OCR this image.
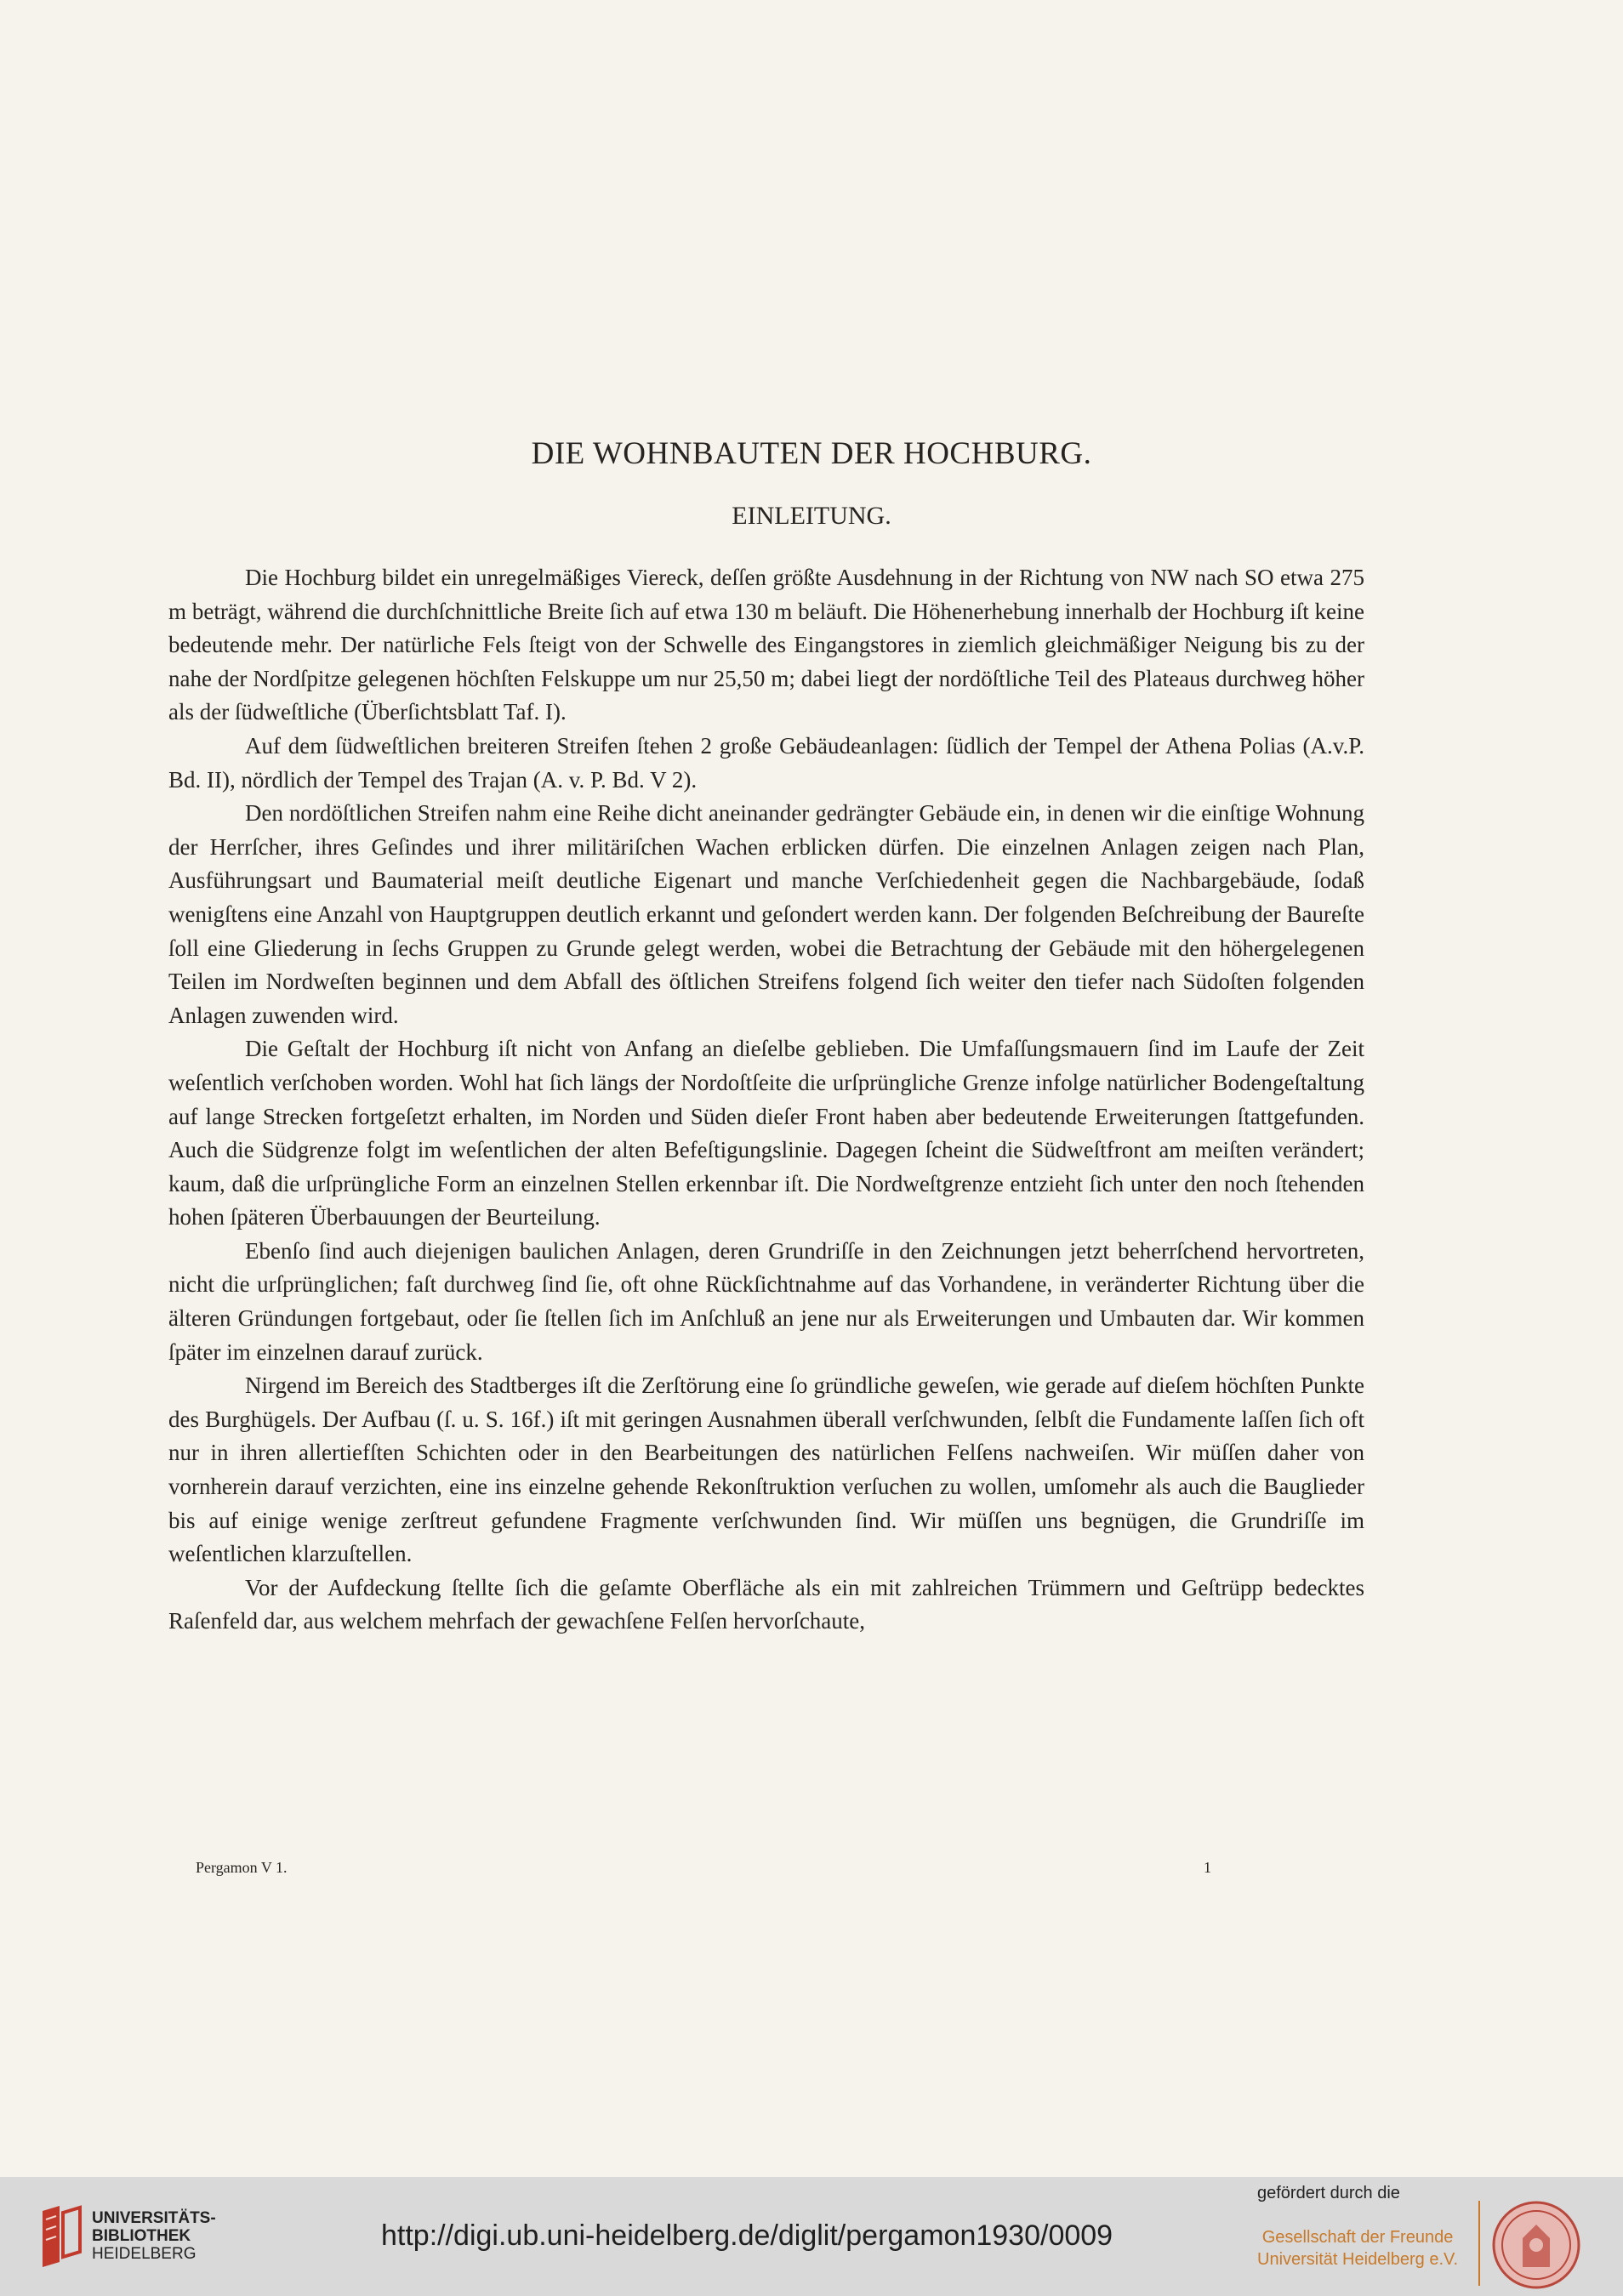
DIE WOHNBAUTEN DER HOCHBURG.
EINLEITUNG.

Die Hochburg bildet ein unregelmäßiges Viereck, deſſen größte Ausdehnung in der Richtung von NW nach SO etwa 275 m beträgt, während die durchſchnittliche Breite ſich auf etwa 130 m beläuft. Die Höhenerhebung innerhalb der Hochburg iſt keine bedeutende mehr. Der natürliche Fels ſteigt von der Schwelle des Eingangstores in ziemlich gleichmäßiger Neigung bis zu der nahe der Nordſpitze gelegenen höchſten Felskuppe um nur 25,50 m; dabei liegt der nordöſtliche Teil des Plateaus durchweg höher als der ſüdweſtliche (Überſichtsblatt Taf. I).

Auf dem ſüdweſtlichen breiteren Streifen ſtehen 2 große Gebäudeanlagen: ſüdlich der Tempel der Athena Polias (A.v.P. Bd. II), nördlich der Tempel des Trajan (A. v. P. Bd. V 2).

Den nordöſtlichen Streifen nahm eine Reihe dicht aneinander gedrängter Gebäude ein, in denen wir die einſtige Wohnung der Herrſcher, ihres Geſindes und ihrer militäriſchen Wachen erblicken dürfen. Die einzelnen Anlagen zeigen nach Plan, Ausführungsart und Baumaterial meiſt deutliche Eigenart und manche Verſchiedenheit gegen die Nachbargebäude, ſodaß wenigſtens eine Anzahl von Hauptgruppen deutlich erkannt und geſondert werden kann. Der folgenden Beſchreibung der Baureſte ſoll eine Gliederung in ſechs Gruppen zu Grunde gelegt werden, wobei die Betrachtung der Gebäude mit den höhergelegenen Teilen im Nordweſten beginnen und dem Abfall des öſtlichen Streifens folgend ſich weiter den tiefer nach Südoſten folgenden Anlagen zuwenden wird.

Die Geſtalt der Hochburg iſt nicht von Anfang an dieſelbe geblieben. Die Umfaſſungsmauern ſind im Laufe der Zeit weſentlich verſchoben worden. Wohl hat ſich längs der Nordoſtſeite die urſprüngliche Grenze infolge natürlicher Bodengeſtaltung auf lange Strecken fortgeſetzt erhalten, im Norden und Süden dieſer Front haben aber bedeutende Erweiterungen ſtattgefunden. Auch die Südgrenze folgt im weſentlichen der alten Befeſtigungslinie. Dagegen ſcheint die Südweſtfront am meiſten verändert; kaum, daß die urſprüngliche Form an einzelnen Stellen erkennbar iſt. Die Nordweſtgrenze entzieht ſich unter den noch ſtehenden hohen ſpäteren Überbauungen der Beurteilung.

Ebenſo ſind auch diejenigen baulichen Anlagen, deren Grundriſſe in den Zeichnungen jetzt beherrſchend hervortreten, nicht die urſprünglichen; faſt durchweg ſind ſie, oft ohne Rückſichtnahme auf das Vorhandene, in veränderter Richtung über die älteren Gründungen fortgebaut, oder ſie ſtellen ſich im Anſchluß an jene nur als Erweiterungen und Umbauten dar. Wir kommen ſpäter im einzelnen darauf zurück.

Nirgend im Bereich des Stadtberges iſt die Zerſtörung eine ſo gründliche geweſen, wie gerade auf dieſem höchſten Punkte des Burghügels. Der Aufbau (ſ. u. S. 16f.) iſt mit geringen Ausnahmen überall verſchwunden, ſelbſt die Fundamente laſſen ſich oft nur in ihren allertiefſten Schichten oder in den Bearbeitungen des natürlichen Felſens nachweiſen. Wir müſſen daher von vornherein darauf verzichten, eine ins einzelne gehende Rekonſtruktion verſuchen zu wollen, umſomehr als auch die Bauglieder bis auf einige wenige zerſtreut gefundene Fragmente verſchwunden ſind. Wir müſſen uns begnügen, die Grundriſſe im weſentlichen klarzuſtellen.

Vor der Aufdeckung ſtellte ſich die geſamte Oberfläche als ein mit zahlreichen Trümmern und Geſtrüpp bedecktes Raſenfeld dar, aus welchem mehrfach der gewachſene Felſen hervorſchaute,

Pergamon V 1.	1
UNIVERSITÄTS-
BIBLIOTHEK
HEIDELBERG
http://digi.ub.uni-heidelberg.de/diglit/pergamon1930/0009
gefördert durch die
Gesellschaft der Freunde
Universität Heidelberg e.V.
